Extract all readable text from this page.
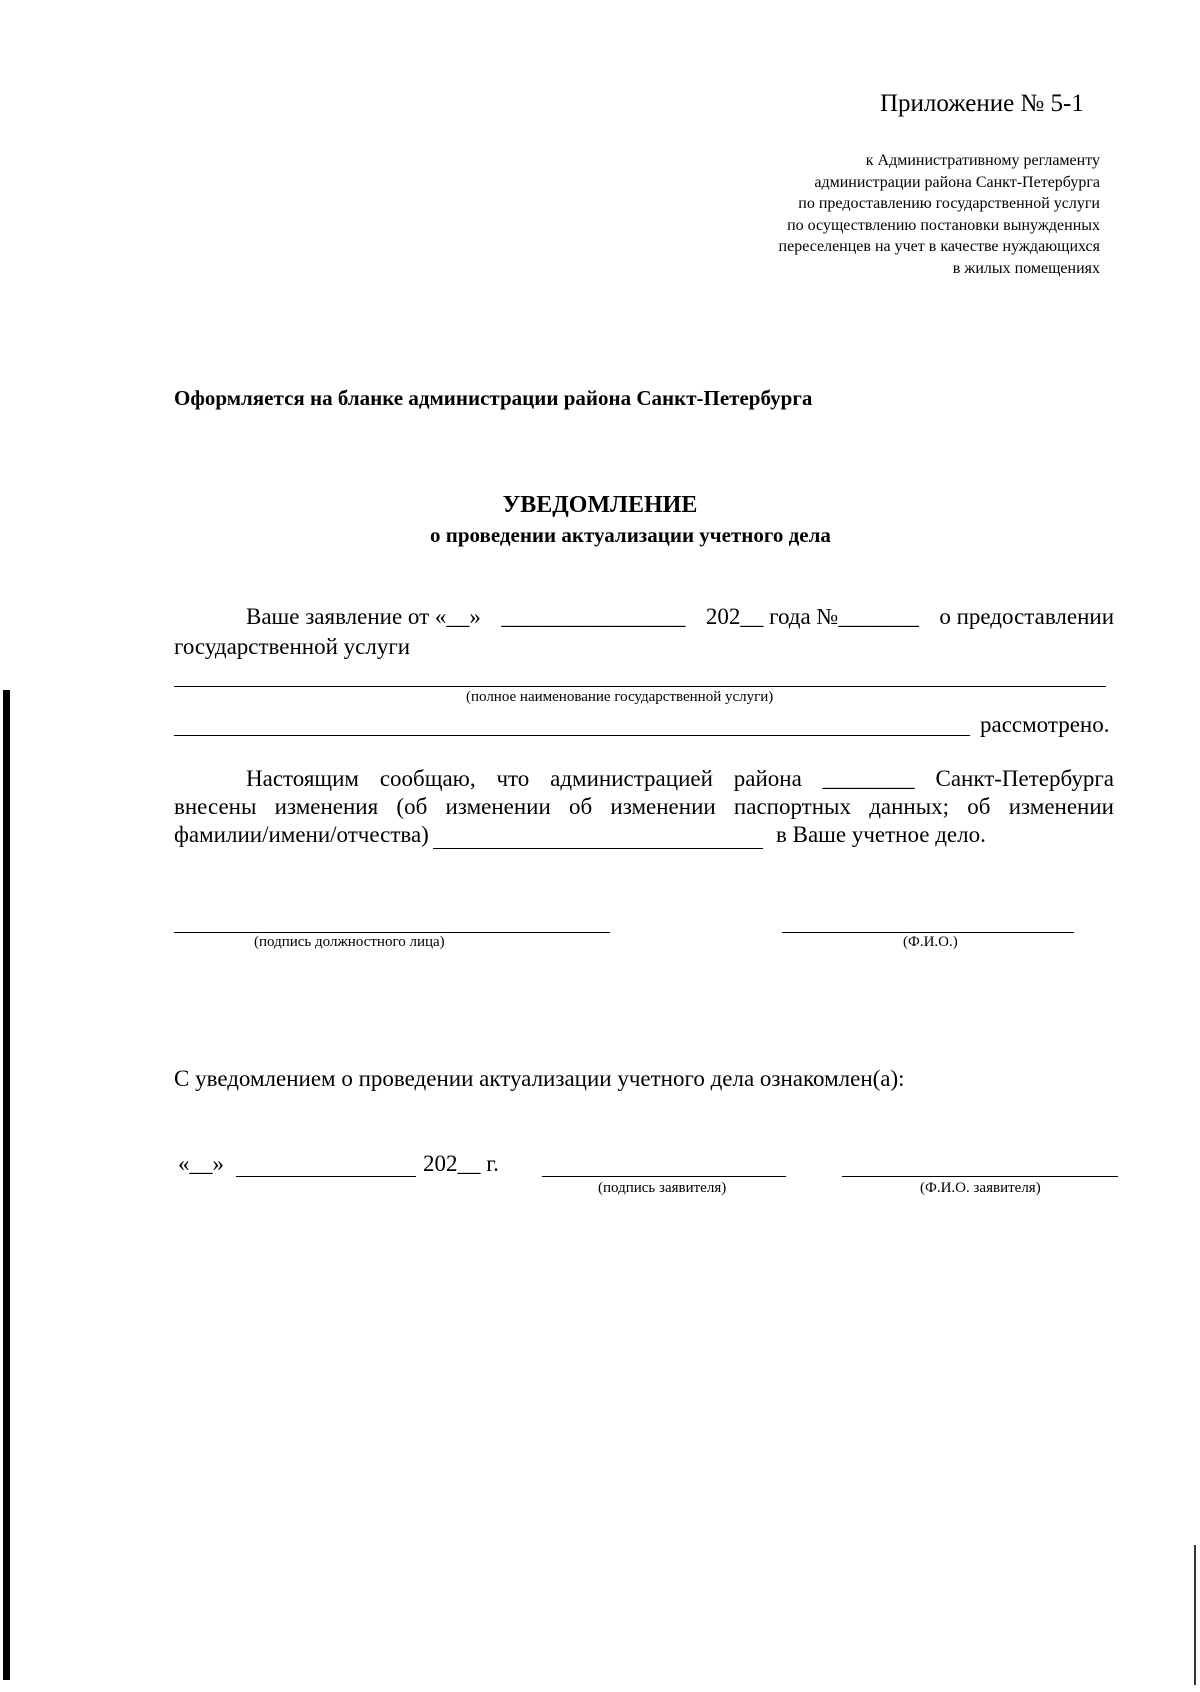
Приложение № 5-1
к Административному регламенту
администрации района Санкт-Петербурга
по предоставлению государственной услуги
по осуществлению постановки вынужденных
переселенцев на учет в качестве нуждающихся
в жилых помещениях
Оформляется на бланке администрации района Санкт-Петербурга
УВЕДОМЛЕНИЕ
о проведении актуализации учетного дела
Ваше заявление от «__» ________________ 202__ года №_______ о предоставлении
государственной услуги
(полное наименование государственной услуги)
рассмотрено.
Настоящим сообщаю, что администрацией района ________ Санкт-Петербурга
внесены изменения (об изменении об изменении паспортных данных; об изменении
фамилии/имени/отчества)	в Ваше учетное дело.
(подпись должностного лица)	(Ф.И.О.)
С уведомлением о проведении актуализации учетного дела ознакомлен(а):
«__»	202__ г.
(подпись заявителя)	(Ф.И.О. заявителя)
